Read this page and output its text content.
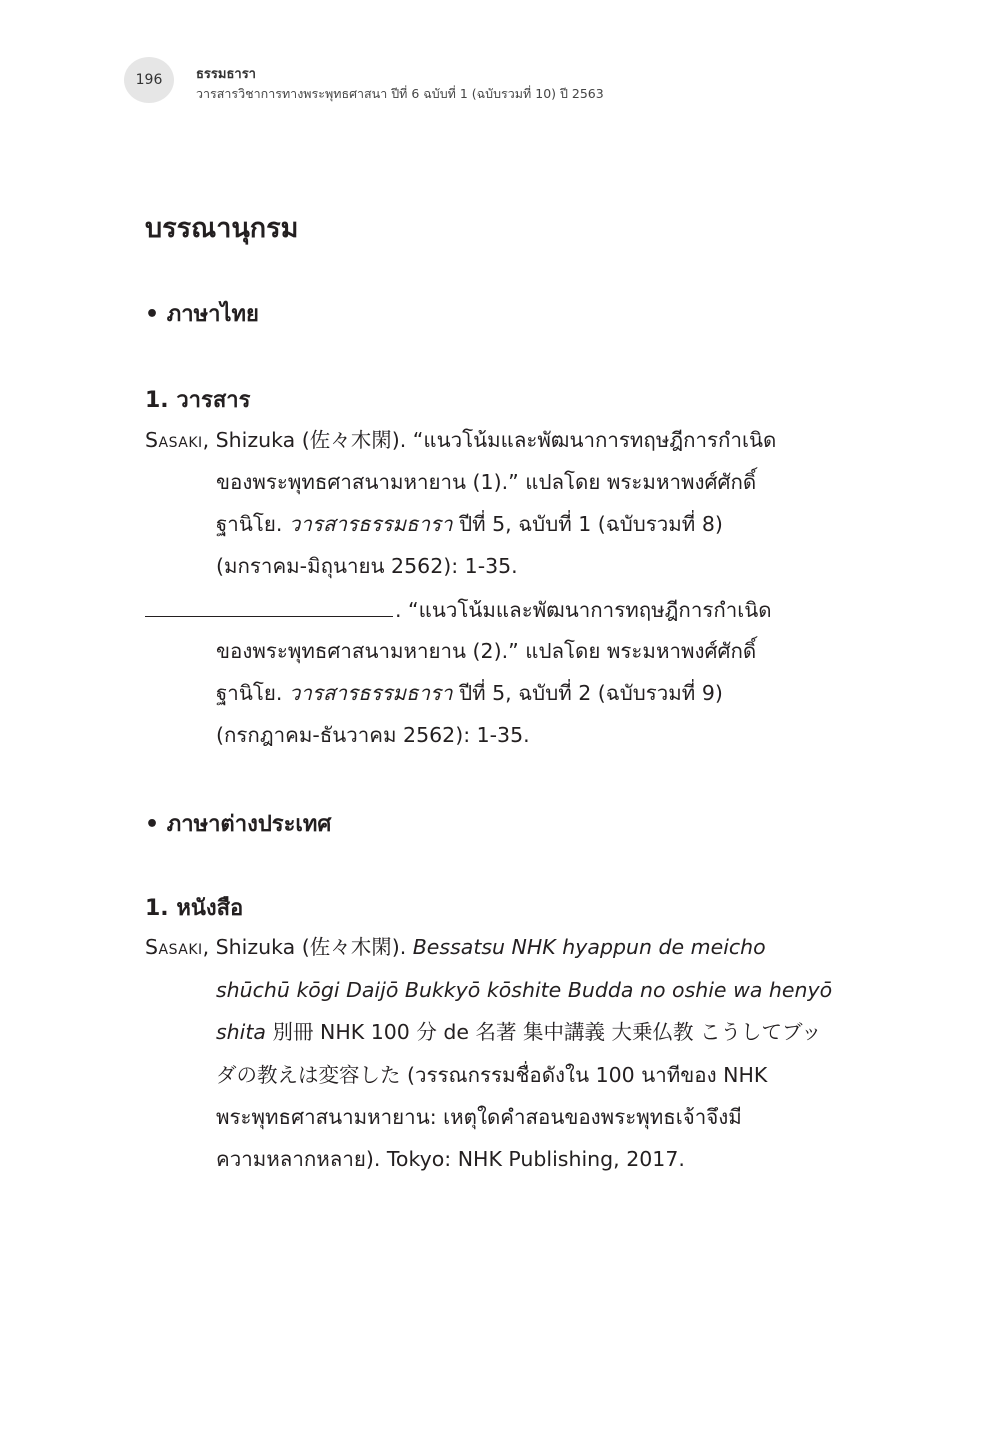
196	ธรรมธารา
วารสารวิชาการทางพระพุทธศาสนา ปีที่ 6 ฉบับที่ 1 (ฉบับรวมที่ 10) ปี 2563
บรรณานุกรม
• ภาษาไทย
1. วารสาร
Sasaki, Shizuka (佐々木閑). “แนวโน้มและพัฒนาการทฤษฎีการกำเนิด
ของพระพุทธศาสนามหายาน (1).” แปลโดย พระมหาพงศ์ศักดิ์
ฐานิโย. วารสารธรรมธารา ปีที่ 5, ฉบับที่ 1 (ฉบับรวมที่ 8)
(มกราคม-มิถุนายน 2562): 1-35.
. “แนวโน้มและพัฒนาการทฤษฎีการกำเนิด
ของพระพุทธศาสนามหายาน (2).” แปลโดย พระมหาพงศ์ศักดิ์
ฐานิโย. วารสารธรรมธารา ปีที่ 5, ฉบับที่ 2 (ฉบับรวมที่ 9)
(กรกฎาคม-ธันวาคม 2562): 1-35.
• ภาษาต่างประเทศ
1. หนังสือ
Sasaki, Shizuka (佐々木閑). Bessatsu NHK hyappun de meicho
shūchū kōgi Daijō Bukkyō kōshite Budda no oshie wa henyō
shita 別冊 NHK 100 分 de 名著 集中講義 大乗仏教 こうしてブッ
ダの教えは変容した (วรรณกรรมชื่อดังใน 100 นาทีของ NHK
พระพุทธศาสนามหายาน: เหตุใดคำสอนของพระพุทธเจ้าจึงมี
ความหลากหลาย). Tokyo: NHK Publishing, 2017.
